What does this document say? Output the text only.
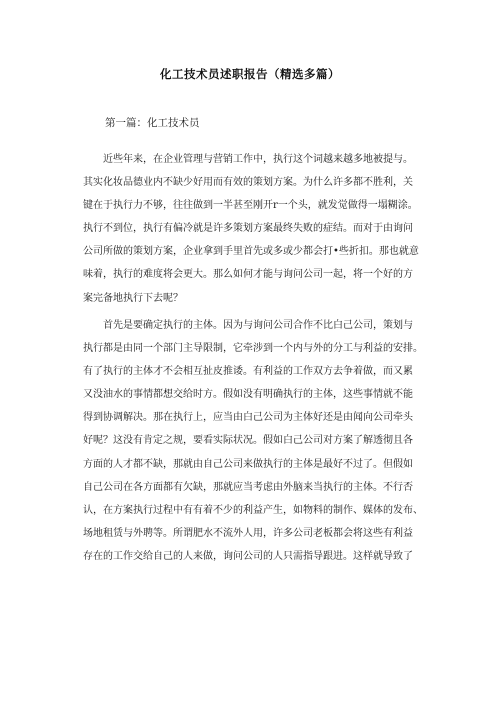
化工技术员述职报告（精选多篇）
第一篇：化工技术员
近些年来，在企业管理与营销工作中，执行这个词越来越多地被提与。
其实化妆品德业内不缺少好用而有效的策划方案。为什么许多都不胜利，关
键在于执行力不够，往往做到一半甚至刚开r一个头，就发觉做得一塌糊涂。
执行不到位，执行有偏冷就是许多策划方案最终失败的症结。而对于由询问
公司所做的策划方案，企业拿到手里首先或多或少都会打•些折扣。那也就意
味着，执行的难度将会更大。那么如何才能与询问公司一起，将一个好的方
案完备地执行下去呢？
首先是要确定执行的主体。因为与询问公司合作不比白己公司，策划与
执行都是由同一个部门主导限制，它牵涉到一个内与外的分工与利益的安排。
有了执行的主体才不会相互扯皮推诿。有利益的工作双方去争着做，而又累
又没油水的事情都想交给时方。假如没有明确执行的主体，这些事情就不能
得到协调解决。那在执行上，应当由白己公司为主体好还是由闻向公司牵头
好呢？这没有肯定之规，要看实际状况。假如白己公司对方案了解透彻且各
方面的人才都不缺，那就由自己公司来做执行的主体是最好不过了。但假如
自己公司在各方面都有欠缺，那就应当考虑由外脑来当执行的主体。不行否
认，在方案执行过程中有有着不少的利益产生，如物料的制作、媒体的发布、
场地租赁与外聘等。所谓肥水不流外人用，许多公司老板都会将这些有利益
存在的工作交给自己的人来做，询问公司的人只需指导跟进。这样就导致了
